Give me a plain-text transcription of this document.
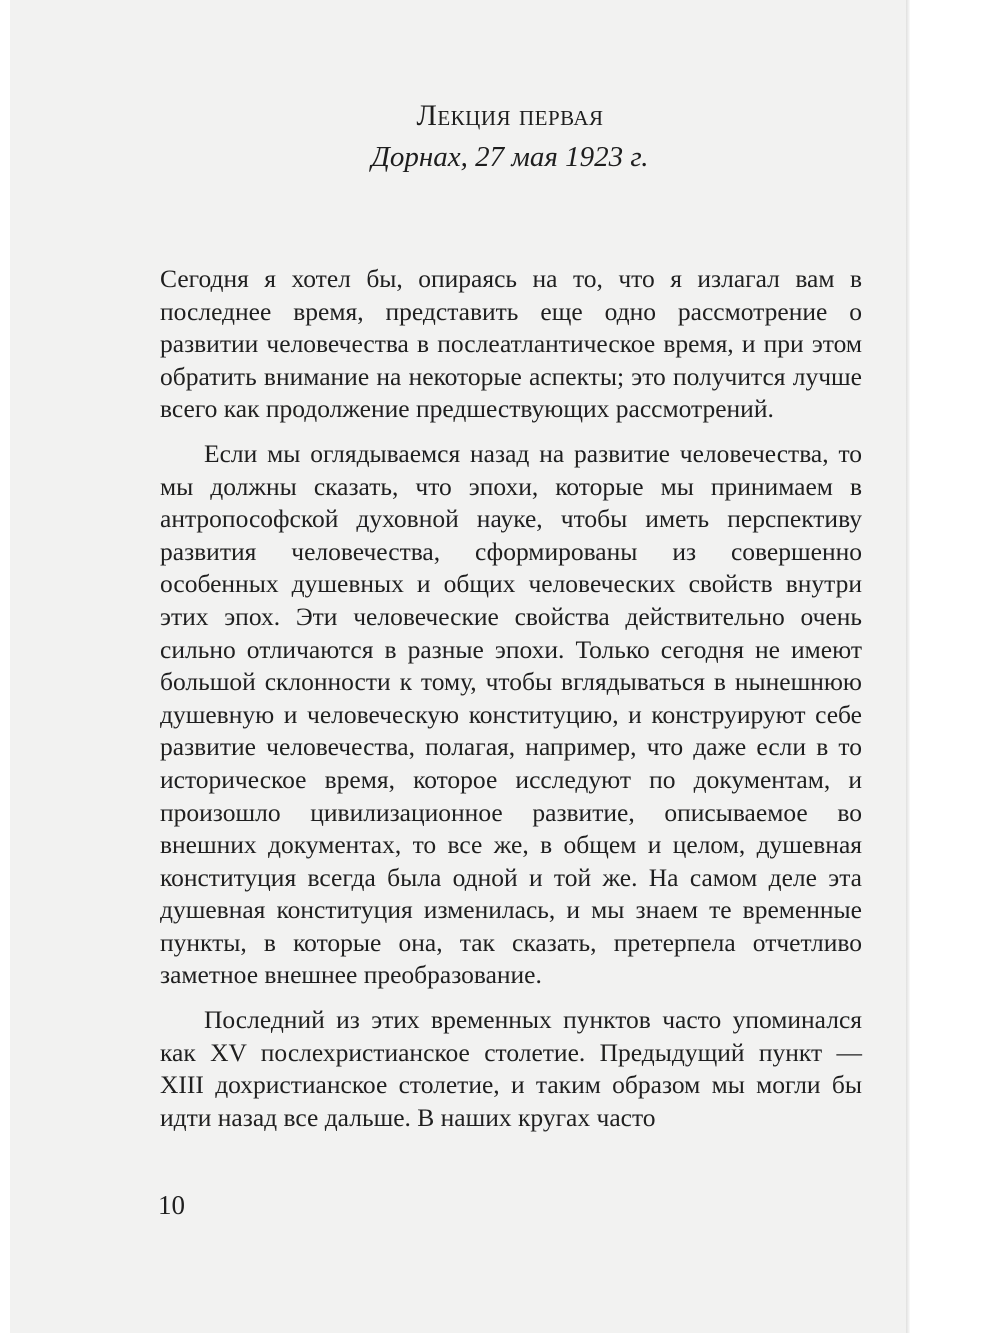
Лекция первая
Дорнах, 27 мая 1923 г.

Сегодня я хотел бы, опираясь на то, что я излагал вам в последнее время, представить еще одно рассмотрение о развитии человечества в послеатлантическое время, и при этом обратить внимание на некоторые аспекты; это получится лучше всего как продолжение предшествующих рассмотрений.

Если мы оглядываемся назад на развитие человечества, то мы должны сказать, что эпохи, которые мы принимаем в антропософской духовной науке, чтобы иметь перспективу развития человечества, сформированы из совершенно особенных душевных и общих человеческих свойств внутри этих эпох. Эти человеческие свойства действительно очень сильно отличаются в разные эпохи. Только сегодня не имеют большой склонности к тому, чтобы вглядываться в нынешнюю душевную и человеческую конституцию, и конструируют себе развитие человечества, полагая, например, что даже если в то историческое время, которое исследуют по документам, и произошло цивилизационное развитие, описываемое во внешних документах, то все же, в общем и целом, душевная конституция всегда была одной и той же. На самом деле эта душевная конституция изменилась, и мы знаем те временные пункты, в которые она, так сказать, претерпела отчетливо заметное внешнее преобразование.

Последний из этих временных пунктов часто упоминался как XV послехристианское столетие. Предыдущий пункт — XIII дохристианское столетие, и таким образом мы могли бы идти назад все дальше. В наших кругах часто

10
